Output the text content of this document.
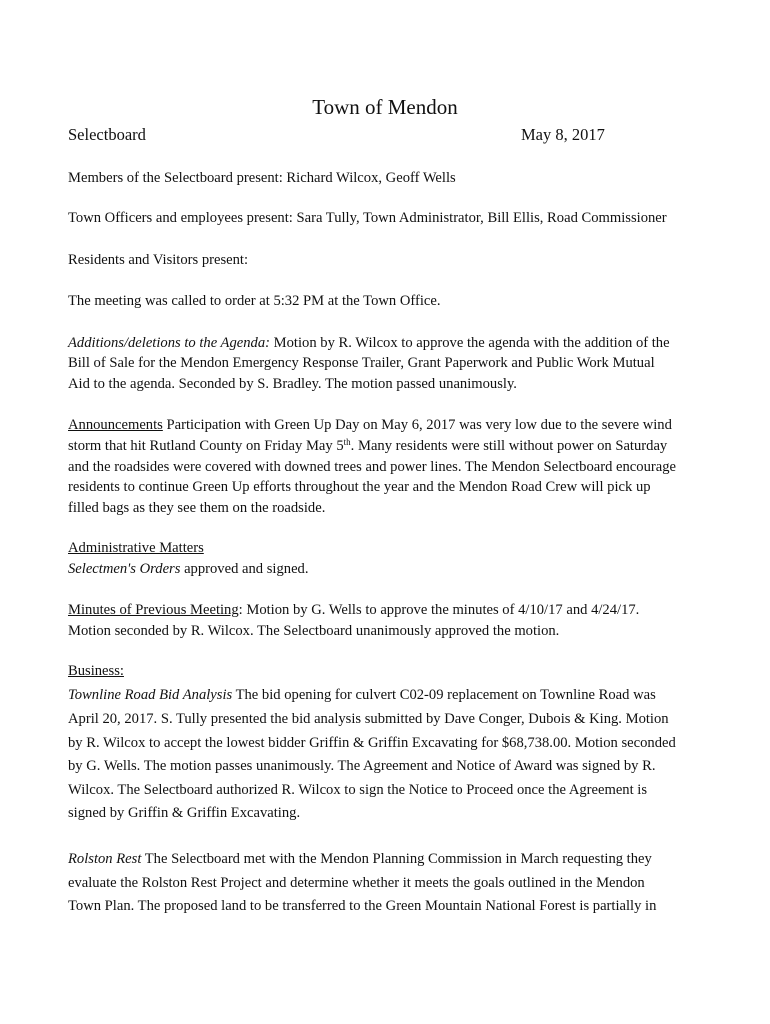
Town of Mendon
Selectboard	May 8, 2017
Members of the Selectboard present: Richard Wilcox, Geoff Wells
Town Officers and employees present: Sara Tully, Town Administrator, Bill Ellis, Road Commissioner
Residents and Visitors present:
The meeting was called to order at 5:32 PM at the Town Office.
Additions/deletions to the Agenda: Motion by R. Wilcox to approve the agenda with the addition of the
Bill of Sale for the Mendon Emergency Response Trailer, Grant Paperwork and Public Work Mutual
Aid to the agenda. Seconded by S. Bradley. The motion passed unanimously.
Announcements Participation with Green Up Day on May 6, 2017 was very low due to the severe wind
storm that hit Rutland County on Friday May 5th. Many residents were still without power on Saturday
and the roadsides were covered with downed trees and power lines. The Mendon Selectboard encourage
residents to continue Green Up efforts throughout the year and the Mendon Road Crew will pick up
filled bags as they see them on the roadside.
Administrative Matters
Selectmen's Orders approved and signed.
Minutes of Previous Meeting: Motion by G. Wells to approve the minutes of 4/10/17 and 4/24/17.
Motion seconded by R. Wilcox. The Selectboard unanimously approved the motion.
Business:
Townline Road Bid Analysis The bid opening for culvert C02-09 replacement on Townline Road was
April 20, 2017. S. Tully presented the bid analysis submitted by Dave Conger, Dubois & King. Motion
by R. Wilcox to accept the lowest bidder Griffin & Griffin Excavating for $68,738.00. Motion seconded
by G. Wells. The motion passes unanimously. The Agreement and Notice of Award was signed by R.
Wilcox. The Selectboard authorized R. Wilcox to sign the Notice to Proceed once the Agreement is
signed by Griffin & Griffin Excavating.
Rolston Rest The Selectboard met with the Mendon Planning Commission in March requesting they
evaluate the Rolston Rest Project and determine whether it meets the goals outlined in the Mendon
Town Plan. The proposed land to be transferred to the Green Mountain National Forest is partially in
